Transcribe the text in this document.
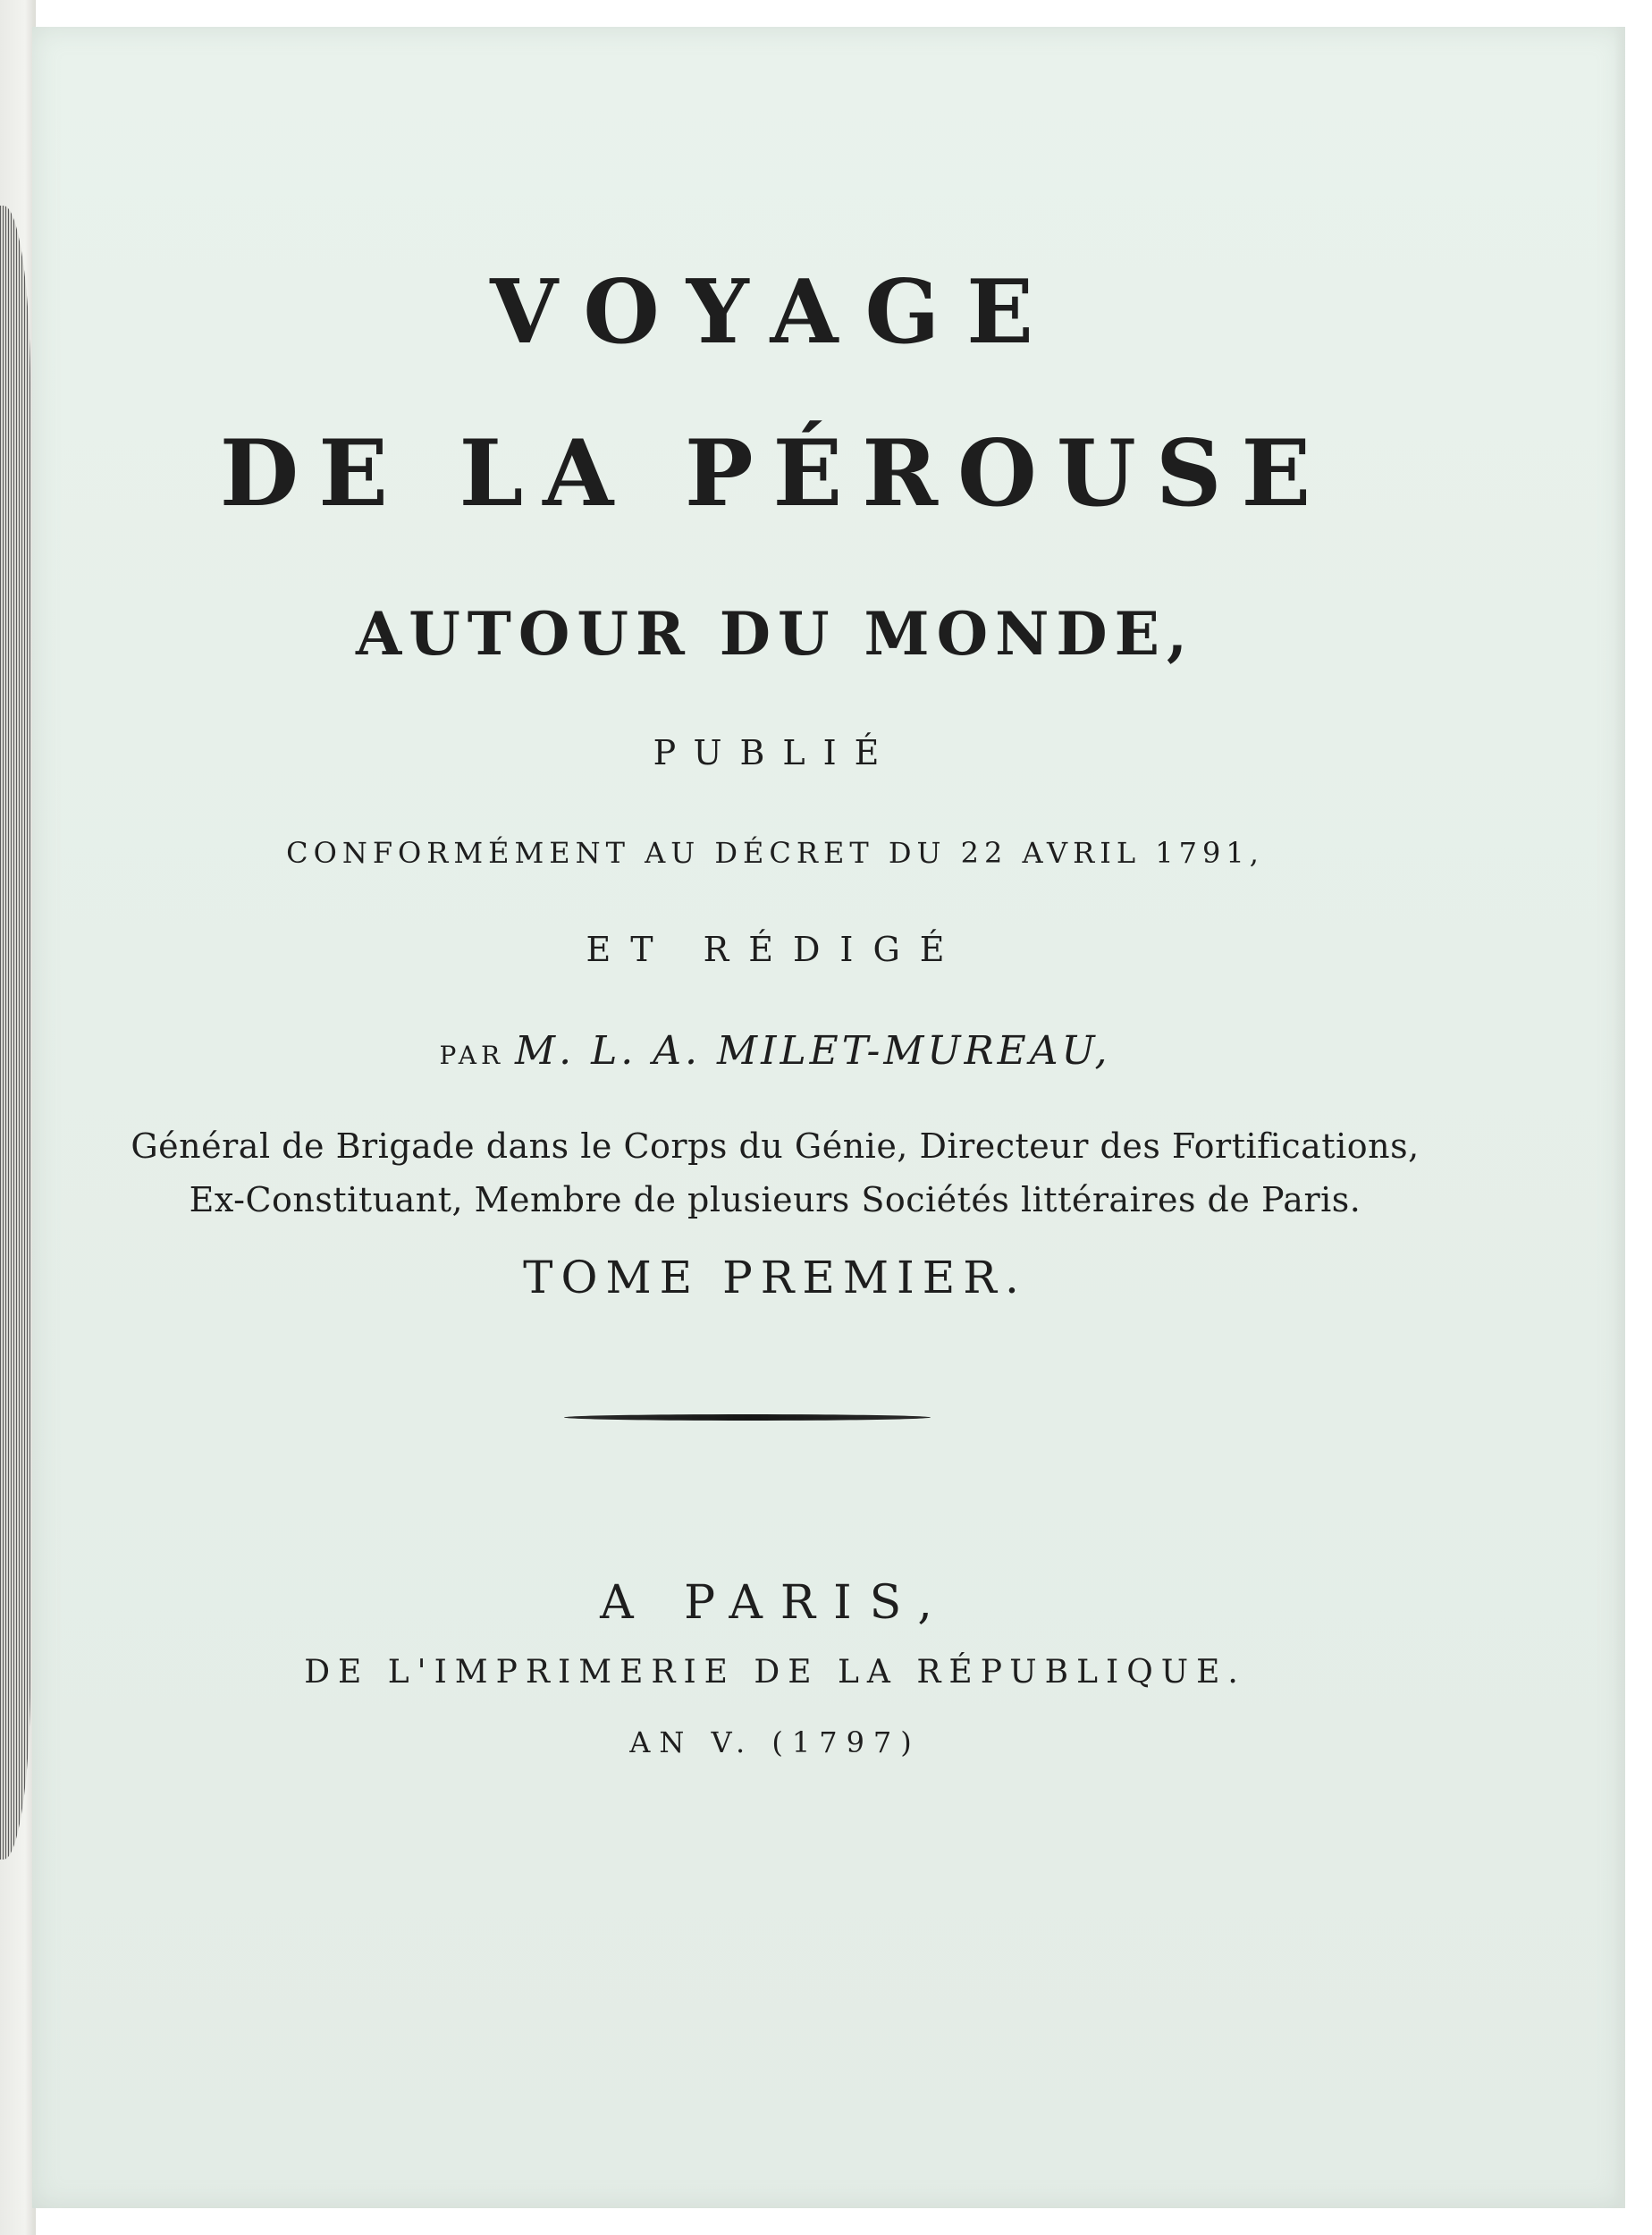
VOYAGE
DE LA PÉROUSE
AUTOUR DU MONDE,
PUBLIÉ
CONFORMÉMENT AU DÉCRET DU 22 AVRIL 1791,
ET RÉDIGÉ
PAR M. L. A. MILET-MUREAU,
Général de Brigade dans le Corps du Génie, Directeur des Fortifications,
Ex-Constituant, Membre de plusieurs Sociétés littéraires de Paris.
TOME PREMIER.
A PARIS,
DE L'IMPRIMERIE DE LA RÉPUBLIQUE.
AN V. (1797)
